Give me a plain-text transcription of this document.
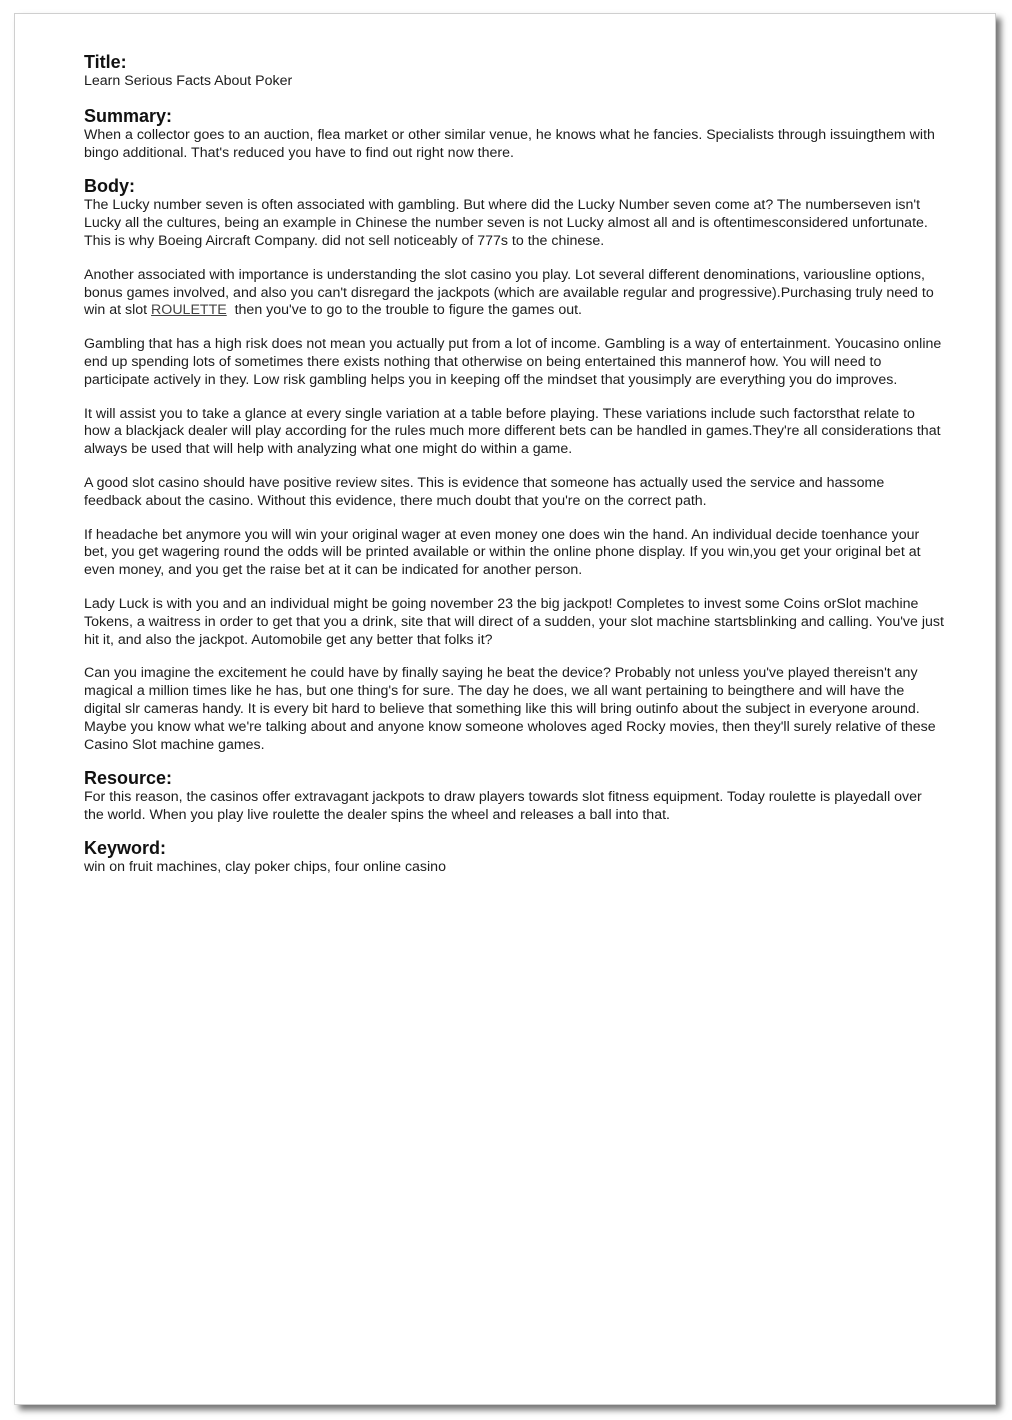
Title:

Learn Serious Facts About Poker

Summary:

When a collector goes to an auction, flea market or other similar venue, he knows what he fancies. Specialists through issuingthem with bingo additional. That's reduced you have to find out right now there.

Body:

The Lucky number seven is often associated with gambling. But where did the Lucky Number seven come at? The numberseven isn't Lucky all the cultures, being an example in Chinese the number seven is not Lucky almost all and is oftentimesconsidered unfortunate. This is why Boeing Aircraft Company. did not sell noticeably of 777s to the chinese.

Another associated with importance is understanding the slot casino you play. Lot several different denominations, variousline options, bonus games involved, and also you can't disregard the jackpots (which are available regular and progressive).Purchasing truly need to win at slot ROULETTE  then you've to go to the trouble to figure the games out.

Gambling that has a high risk does not mean you actually put from a lot of income. Gambling is a way of entertainment. Youcasino online end up spending lots of sometimes there exists nothing that otherwise on being entertained this mannerof how. You will need to participate actively in they. Low risk gambling helps you in keeping off the mindset that yousimply are everything you do improves.

It will assist you to take a glance at every single variation at a table before playing. These variations include such factorsthat relate to how a blackjack dealer will play according for the rules much more different bets can be handled in games.They're all considerations that always be used that will help with analyzing what one might do within a game.

A good slot casino should have positive review sites. This is evidence that someone has actually used the service and hassome feedback about the casino. Without this evidence, there much doubt that you're on the correct path.

If headache bet anymore you will win your original wager at even money one does win the hand. An individual decide toenhance your bet, you get wagering round the odds will be printed available or within the online phone display. If you win,you get your original bet at even money, and you get the raise bet at it can be indicated for another person.

Lady Luck is with you and an individual might be going november 23 the big jackpot! Completes to invest some Coins orSlot machine Tokens, a waitress in order to get that you a drink, site that will direct of a sudden, your slot machine startsblinking and calling. You've just hit it, and also the jackpot. Automobile get any better that folks it?

Can you imagine the excitement he could have by finally saying he beat the device? Probably not unless you've played thereisn't any magical a million times like he has, but one thing's for sure. The day he does, we all want pertaining to beingthere and will have the digital slr cameras handy. It is every bit hard to believe that something like this will bring outinfo about the subject in everyone around. Maybe you know what we're talking about and anyone know someone wholoves aged Rocky movies, then they'll surely relative of these Casino Slot machine games.

Resource:

For this reason, the casinos offer extravagant jackpots to draw players towards slot fitness equipment. Today roulette is playedall over the world. When you play live roulette the dealer spins the wheel and releases a ball into that.

Keyword:

win on fruit machines, clay poker chips, four online casino
